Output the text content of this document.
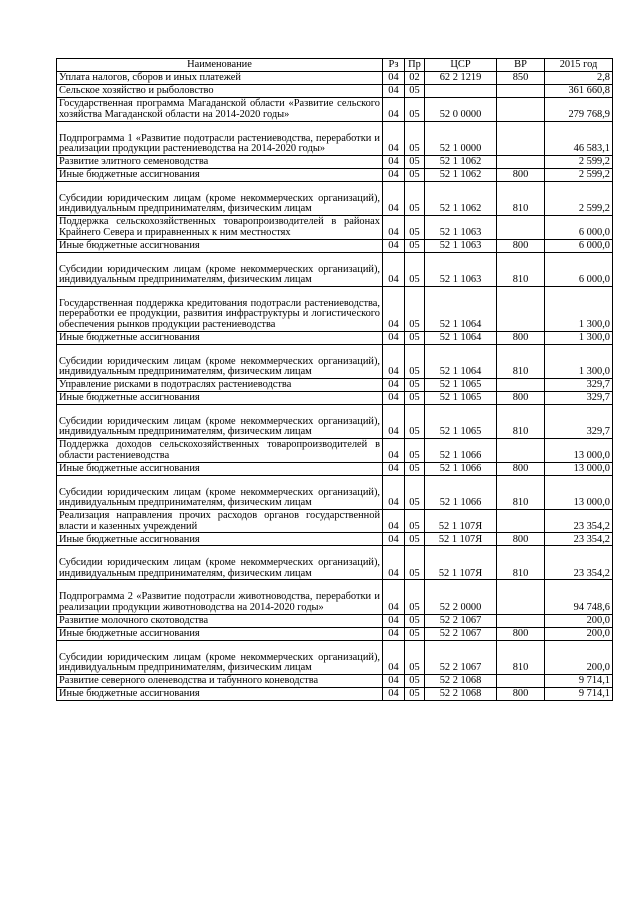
Наименование	Рз	Пр	ЦСР	ВР	2015 год
Уплата налогов, сборов и иных платежей	04	02	62 2 1219	850	2,8
Сельское хозяйство и рыболовство	04	05			361 660,8
Государственная программа Магаданской области «Развитие сельского хозяйства Магаданской области на 2014-2020 годы»	04	05	52 0 0000		279 768,9
Подпрограмма 1 «Развитие подотрасли растениеводства, переработки и реализации продукции растениеводства на 2014-2020 годы»	04	05	52 1 0000		46 583,1
Развитие элитного семеноводства	04	05	52 1 1062		2 599,2
Иные бюджетные ассигнования	04	05	52 1 1062	800	2 599,2
Субсидии юридическим лицам (кроме некоммерческих организаций), индивидуальным предпринимателям, физическим лицам	04	05	52 1 1062	810	2 599,2
Поддержка сельскохозяйственных товаропроизводителей в районах Крайнего Севера и приравненных к ним местностях	04	05	52 1 1063		6 000,0
Иные бюджетные ассигнования	04	05	52 1 1063	800	6 000,0
Субсидии юридическим лицам (кроме некоммерческих организаций), индивидуальным предпринимателям, физическим лицам	04	05	52 1 1063	810	6 000,0
Государственная поддержка кредитования подотрасли растениеводства, переработки ее продукции, развития инфраструктуры и логистического обеспечения рынков продукции растениеводства	04	05	52 1 1064		1 300,0
Иные бюджетные ассигнования	04	05	52 1 1064	800	1 300,0
Субсидии юридическим лицам (кроме некоммерческих организаций), индивидуальным предпринимателям, физическим лицам	04	05	52 1 1064	810	1 300,0
Управление рисками в подотраслях растениеводства	04	05	52 1 1065		329,7
Иные бюджетные ассигнования	04	05	52 1 1065	800	329,7
Субсидии юридическим лицам (кроме некоммерческих организаций), индивидуальным предпринимателям, физическим лицам	04	05	52 1 1065	810	329,7
Поддержка доходов сельскохозяйственных товаропроизводителей в области растениеводства	04	05	52 1 1066		13 000,0
Иные бюджетные ассигнования	04	05	52 1 1066	800	13 000,0
Субсидии юридическим лицам (кроме некоммерческих организаций), индивидуальным предпринимателям, физическим лицам	04	05	52 1 1066	810	13 000,0
Реализация направления прочих расходов органов государственной власти и казенных учреждений	04	05	52 1 107Я		23 354,2
Иные бюджетные ассигнования	04	05	52 1 107Я	800	23 354,2
Субсидии юридическим лицам (кроме некоммерческих организаций), индивидуальным предпринимателям, физическим лицам	04	05	52 1 107Я	810	23 354,2
Подпрограмма 2 «Развитие подотрасли животноводства, переработки и реализации продукции животноводства на 2014-2020 годы»	04	05	52 2 0000		94 748,6
Развитие молочного скотоводства	04	05	52 2 1067		200,0
Иные бюджетные ассигнования	04	05	52 2 1067	800	200,0
Субсидии юридическим лицам (кроме некоммерческих организаций), индивидуальным предпринимателям, физическим лицам	04	05	52 2 1067	810	200,0
Развитие северного оленеводства и табунного коневодства	04	05	52 2 1068		9 714,1
Иные бюджетные ассигнования	04	05	52 2 1068	800	9 714,1
